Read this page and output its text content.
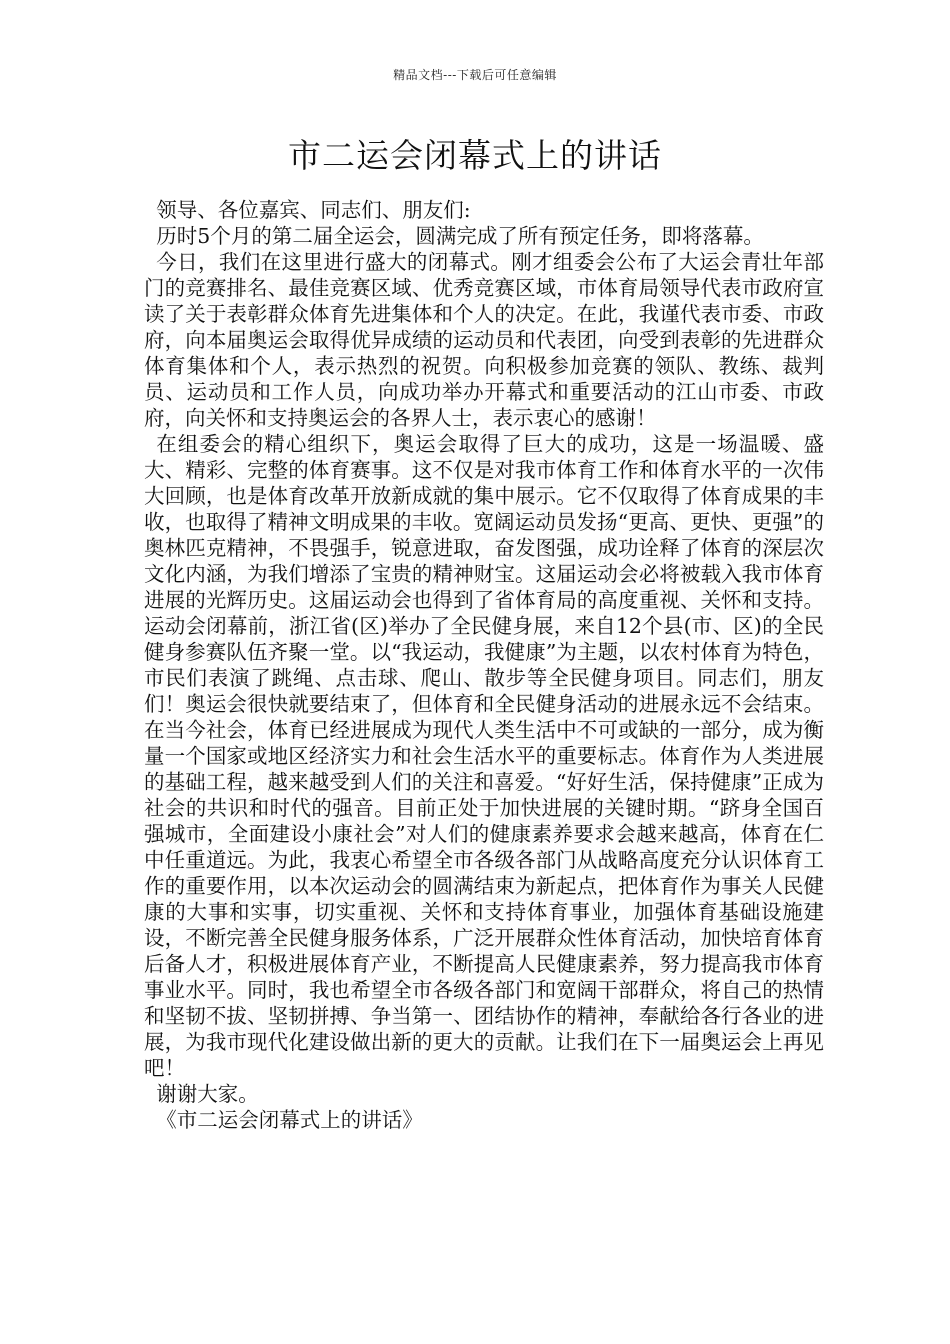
精品文档---下载后可任意编辑
市二运会闭幕式上的讲话

领导、各位嘉宾、同志们、朋友们:

历时5个月的第二届全运会，圆满完成了所有预定任务，即将落幕。

今日，我们在这里进行盛大的闭幕式。刚才组委会公布了大运会青壮年部门的竞赛排名、最佳竞赛区域、优秀竞赛区域，市体育局领导代表市政府宣读了关于表彰群众体育先进集体和个人的决定。在此，我谨代表市委、市政府，向本届奥运会取得优异成绩的运动员和代表团，向受到表彰的先进群众体育集体和个人，表示热烈的祝贺。向积极参加竞赛的领队、教练、裁判员、运动员和工作人员，向成功举办开幕式和重要活动的江山市委、市政府，向关怀和支持奥运会的各界人士，表示衷心的感谢！

在组委会的精心组织下，奥运会取得了巨大的成功，这是一场温暖、盛大、精彩、完整的体育赛事。这不仅是对我市体育工作和体育水平的一次伟大回顾，也是体育改革开放新成就的集中展示。它不仅取得了体育成果的丰收，也取得了精神文明成果的丰收。宽阔运动员发扬“更高、更快、更强”的奥林匹克精神，不畏强手，锐意进取，奋发图强，成功诠释了体育的深层次文化内涵，为我们增添了宝贵的精神财宝。这届运动会必将被载入我市体育进展的光辉历史。这届运动会也得到了省体育局的高度重视、关怀和支持。运动会闭幕前，浙江省(区)举办了全民健身展，来自12个县(市、区)的全民健身参赛队伍齐聚一堂。以“我运动，我健康”为主题，以农村体育为特色，市民们表演了跳绳、点击球、爬山、散步等全民健身项目。同志们，朋友们！奥运会很快就要结束了，但体育和全民健身活动的进展永远不会结束。在当今社会，体育已经进展成为现代人类生活中不可或缺的一部分，成为衡量一个国家或地区经济实力和社会生活水平的重要标志。体育作为人类进展的基础工程，越来越受到人们的关注和喜爱。“好好生活，保持健康”正成为社会的共识和时代的强音。目前正处于加快进展的关键时期。“跻身全国百强城市，全面建设小康社会”对人们的健康素养要求会越来越高，体育在仁中任重道远。为此，我衷心希望全市各级各部门从战略高度充分认识体育工作的重要作用，以本次运动会的圆满结束为新起点，把体育作为事关人民健康的大事和实事，切实重视、关怀和支持体育事业，加强体育基础设施建设，不断完善全民健身服务体系，广泛开展群众性体育活动，加快培育体育后备人才，积极进展体育产业，不断提高人民健康素养，努力提高我市体育事业水平。同时，我也希望全市各级各部门和宽阔干部群众，将自己的热情和坚韧不拔、坚韧拼搏、争当第一、团结协作的精神，奉献给各行各业的进展，为我市现代化建设做出新的更大的贡献。让我们在下一届奥运会上再见吧！

谢谢大家。

《市二运会闭幕式上的讲话》
